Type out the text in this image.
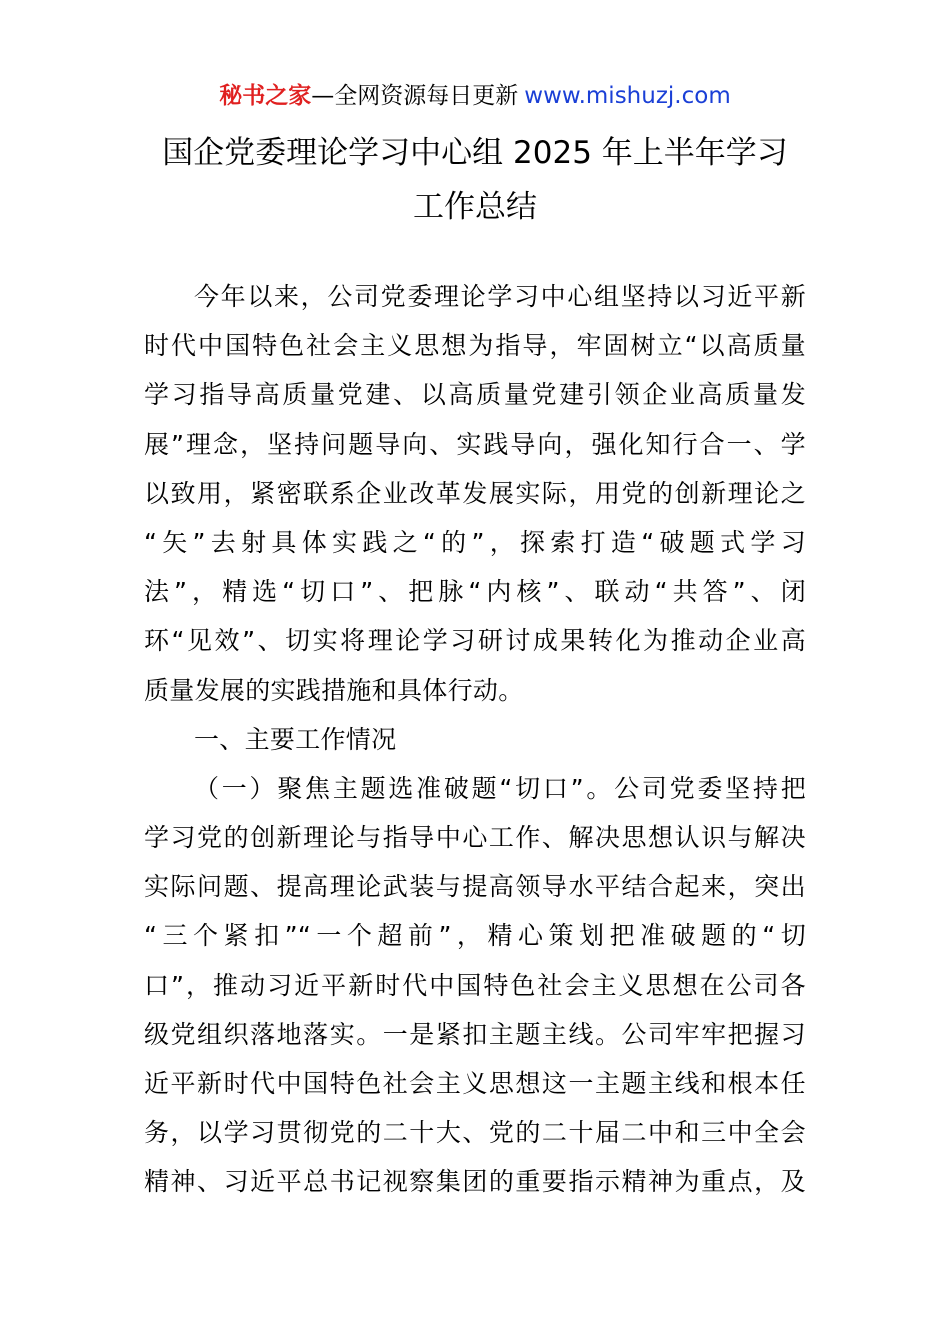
秘书之家—全网资源每日更新 www.mishuzj.com
国企党委理论学习中心组 2025 年上半年学习
工作总结
今年以来，公司党委理论学习中心组坚持以习近平新
时代中国特色社会主义思想为指导，牢固树立“以高质量
学习指导高质量党建、以高质量党建引领企业高质量发
展”理念，坚持问题导向、实践导向，强化知行合一、学
以致用，紧密联系企业改革发展实际，用党的创新理论之
“矢”去射具体实践之“的”，探索打造“破题式学习
法”，精选“切口”、把脉“内核”、联动“共答”、闭
环“见效”、切实将理论学习研讨成果转化为推动企业高
质量发展的实践措施和具体行动。
一、主要工作情况
（一）聚焦主题选准破题“切口”。公司党委坚持把
学习党的创新理论与指导中心工作、解决思想认识与解决
实际问题、提高理论武装与提高领导水平结合起来，突出
“三个紧扣”“一个超前”，精心策划把准破题的“切
口”，推动习近平新时代中国特色社会主义思想在公司各
级党组织落地落实。一是紧扣主题主线。公司牢牢把握习
近平新时代中国特色社会主义思想这一主题主线和根本任
务，以学习贯彻党的二十大、党的二十届二中和三中全会
精神、习近平总书记视察集团的重要指示精神为重点，及
